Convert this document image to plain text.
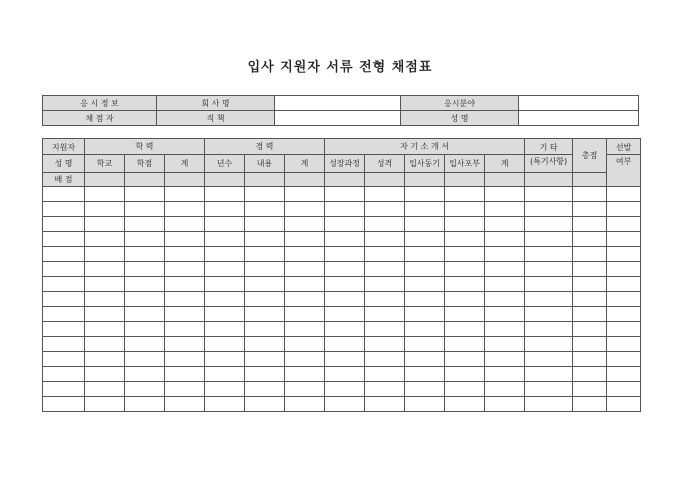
입사 지원자 서류 전형 채점표
응 시 정 보	회 사 명		응시분야	
채 점 자	직 책		성 명	
지원자	학 력			경 력			자 기 소 개 서					기 타	총점	선발
성 명	학교	학점	계	년수	내용	계	성장과정	성격	입사동기	입사포부	계	(특기사항)		여부
배 점														
